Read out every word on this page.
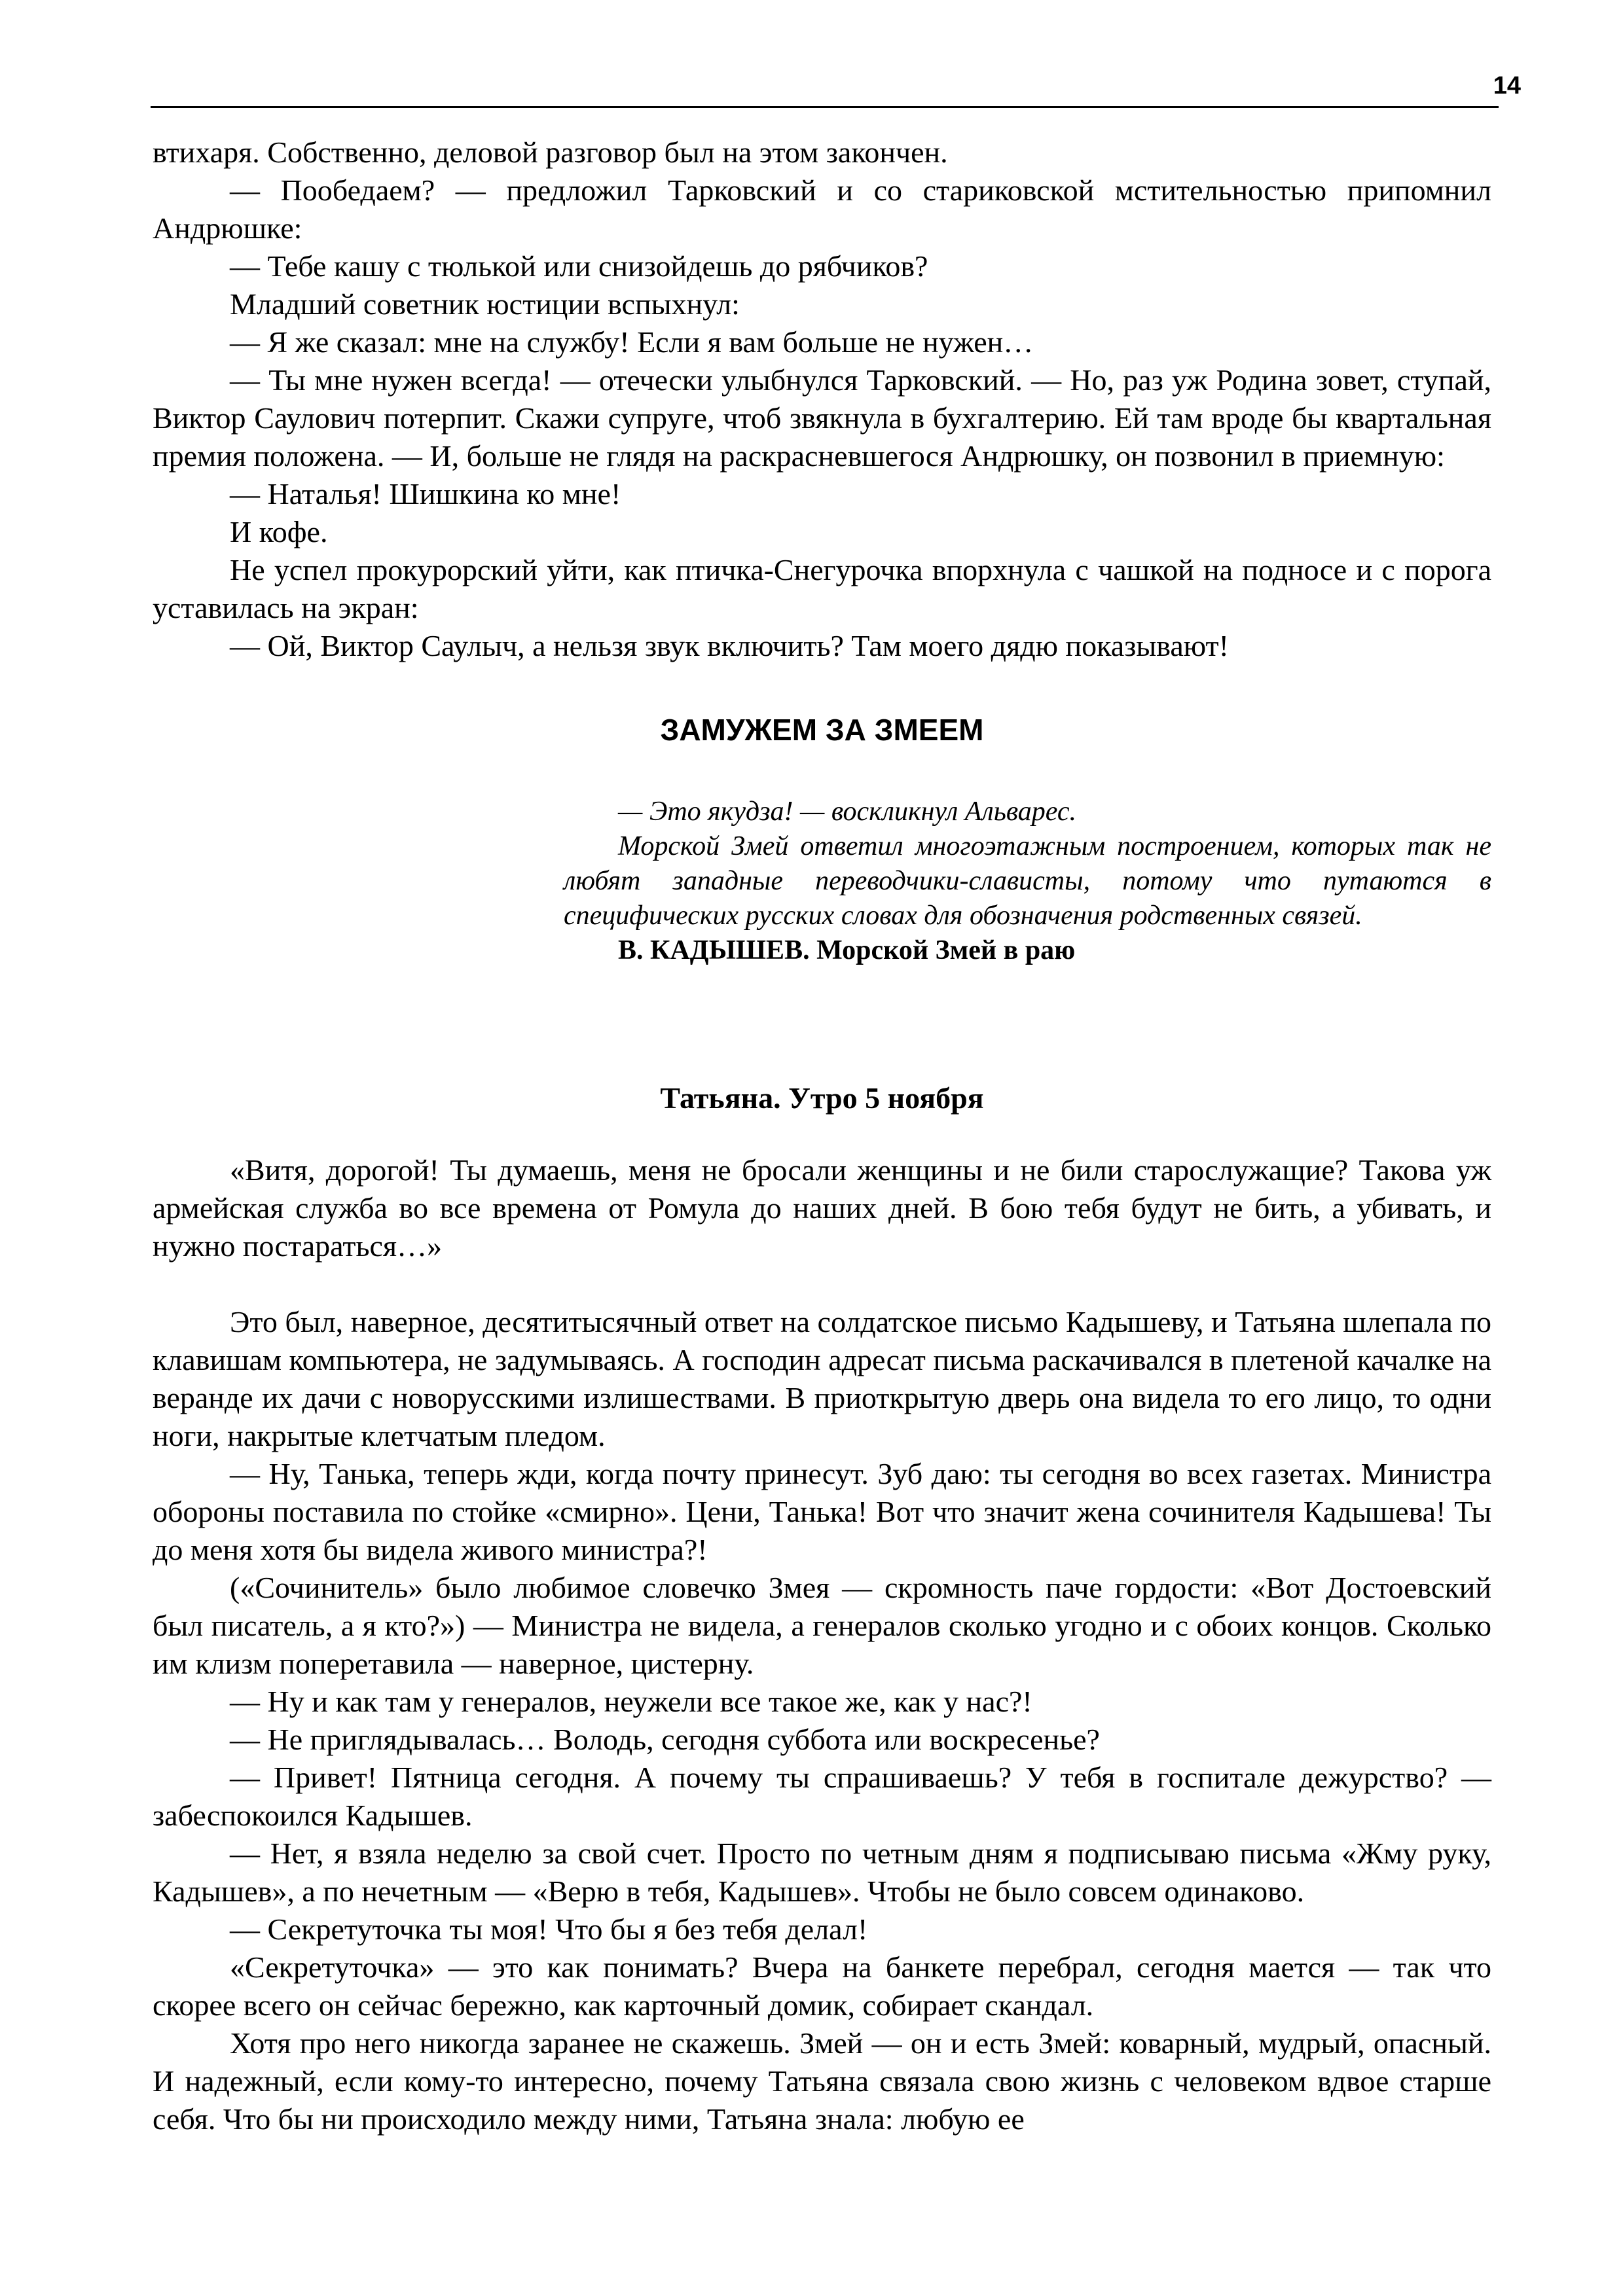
14

втихаря. Собственно, деловой разговор был на этом закончен.

— Пообедаем? — предложил Тарковский и со стариковской мстительностью припомнил Андрюшке:

— Тебе кашу с тюлькой или снизойдешь до рябчиков?

Младший советник юстиции вспыхнул:

— Я же сказал: мне на службу! Если я вам больше не нужен…

— Ты мне нужен всегда! — отечески улыбнулся Тарковский. — Но, раз уж Родина зовет, ступай, Виктор Саулович потерпит. Скажи супруге, чтоб звякнула в бухгалтерию. Ей там вроде бы квартальная премия положена. — И, больше не глядя на раскрасневшегося Андрюшку, он позвонил в приемную:

— Наталья! Шишкина ко мне!

И кофе.

Не успел прокурорский уйти, как птичка-Снегурочка впорхнула с чашкой на подносе и с порога уставилась на экран:

— Ой, Виктор Саулыч, а нельзя звук включить? Там моего дядю показывают!

ЗАМУЖЕМ ЗА ЗМЕЕМ

— Это якудза! — воскликнул Альварес.

Морской Змей ответил многоэтажным построением, которых так не любят западные переводчики-слависты, потому что путаются в специфических русских словах для обозначения родственных связей.

В. КАДЫШЕВ. Морской Змей в раю
Татьяна. Утро 5 ноября

«Витя, дорогой! Ты думаешь, меня не бросали женщины и не били старослужащие? Такова уж армейская служба во все времена от Ромула до наших дней. В бою тебя будут не бить, а убивать, и нужно постараться…»

Это был, наверное, десятитысячный ответ на солдатское письмо Кадышеву, и Татьяна шлепала по клавишам компьютера, не задумываясь. А господин адресат письма раскачивался в плетеной качалке на веранде их дачи с новорусскими излишествами. В приоткрытую дверь она видела то его лицо, то одни ноги, накрытые клетчатым пледом.

— Ну, Танька, теперь жди, когда почту принесут. Зуб даю: ты сегодня во всех газетах. Министра обороны поставила по стойке «смирно». Цени, Танька! Вот что значит жена сочинителя Кадышева! Ты до меня хотя бы видела живого министра?!

(«Сочинитель» было любимое словечко Змея — скромность паче гордости: «Вот Достоевский был писатель, а я кто?») — Министра не видела, а генералов сколько угодно и с обоих концов. Сколько им клизм поперетавила — наверное, цистерну.

— Ну и как там у генералов, неужели все такое же, как у нас?!

— Не приглядывалась… Володь, сегодня суббота или воскресенье?

— Привет! Пятница сегодня. А почему ты спрашиваешь? У тебя в госпитале дежурство? — забеспокоился Кадышев.

— Нет, я взяла неделю за свой счет. Просто по четным дням я подписываю письма «Жму руку, Кадышев», а по нечетным — «Верю в тебя, Кадышев». Чтобы не было совсем одинаково.

— Секретуточка ты моя! Что бы я без тебя делал!

«Секретуточка» — это как понимать? Вчера на банкете перебрал, сегодня мается — так что скорее всего он сейчас бережно, как карточный домик, собирает скандал.

Хотя про него никогда заранее не скажешь. Змей — он и есть Змей: коварный, мудрый, опасный. И надежный, если кому-то интересно, почему Татьяна связала свою жизнь с человеком вдвое старше себя. Что бы ни происходило между ними, Татьяна знала: любую ее
